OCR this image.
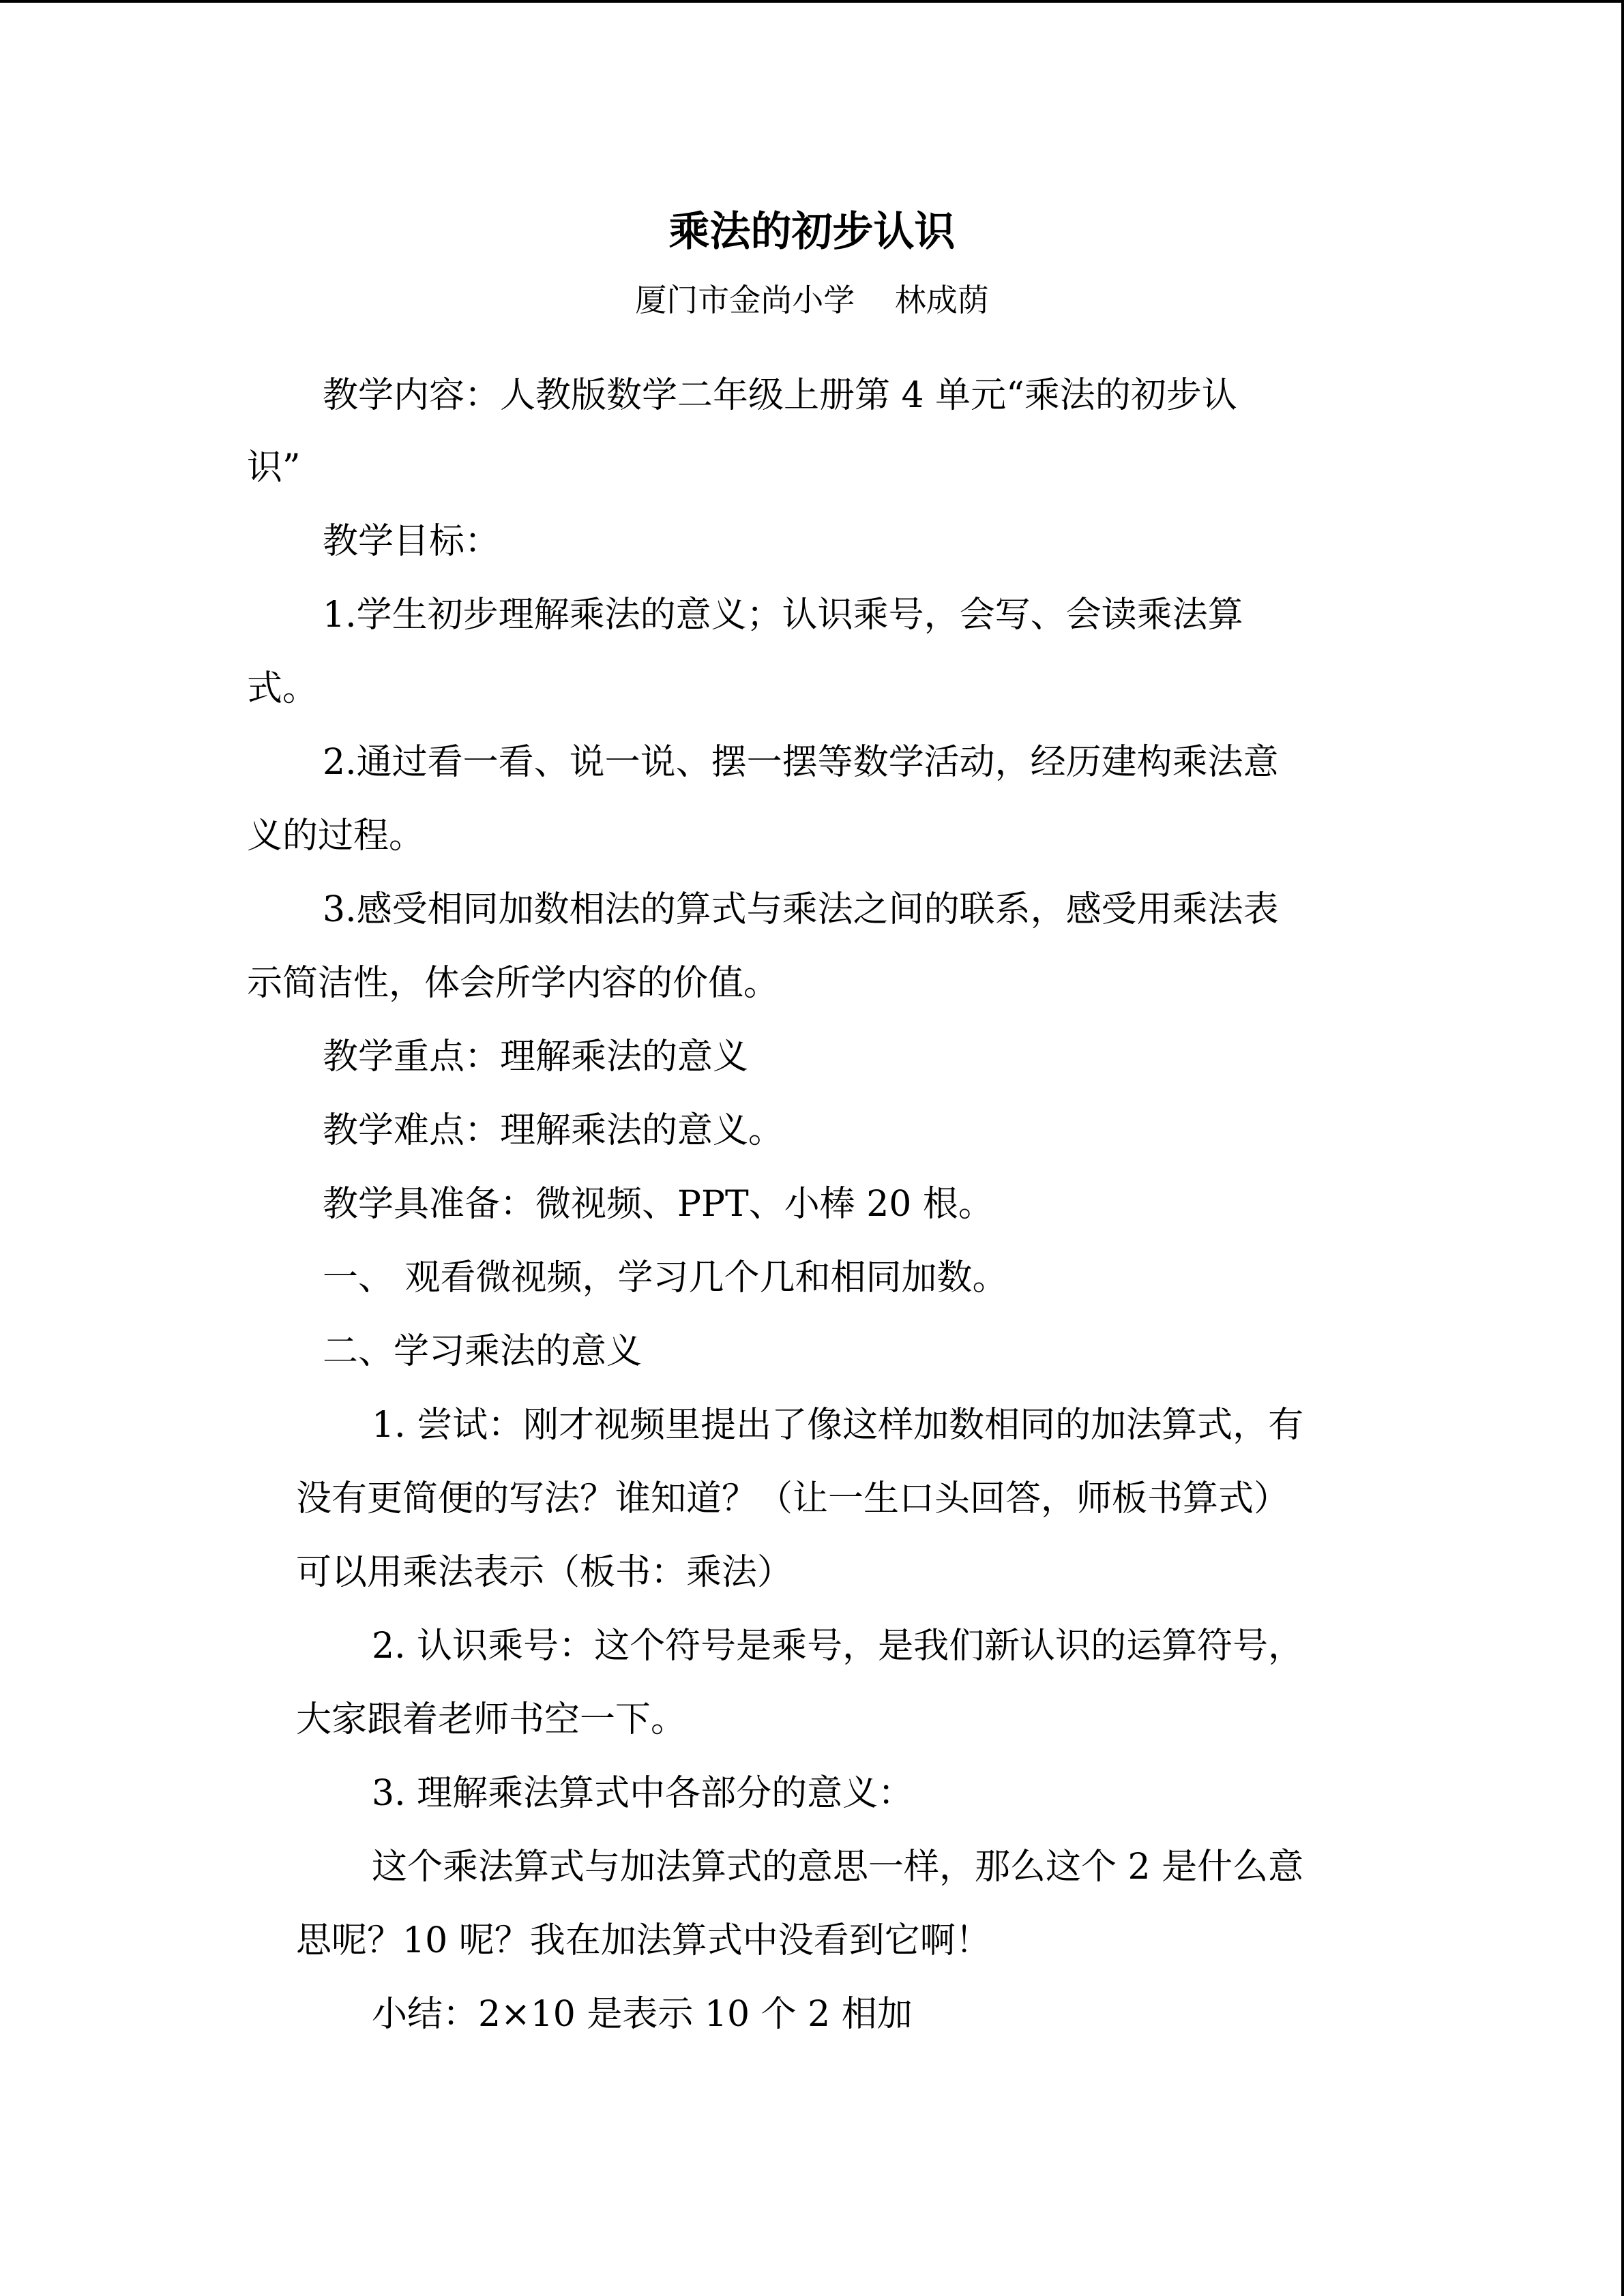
乘法的初步认识
厦门市金尚小学    林成荫
教学内容：人教版数学二年级上册第 4 单元“乘法的初步认
识”
教学目标：
1.学生初步理解乘法的意义；认识乘号，会写、会读乘法算
式。
2.通过看一看、说一说、摆一摆等数学活动，经历建构乘法意
义的过程。
3.感受相同加数相法的算式与乘法之间的联系，感受用乘法表
示简洁性，体会所学内容的价值。
教学重点：理解乘法的意义
教学难点：理解乘法的意义。
教学具准备：微视频、PPT、小棒 20 根。
一、 观看微视频，学习几个几和相同加数。
二、学习乘法的意义
1. 尝试：刚才视频里提出了像这样加数相同的加法算式，有
没有更简便的写法？谁知道？（让一生口头回答，师板书算式）
可以用乘法表示（板书：乘法）
2. 认识乘号：这个符号是乘号，是我们新认识的运算符号，
大家跟着老师书空一下。
3. 理解乘法算式中各部分的意义：
这个乘法算式与加法算式的意思一样，那么这个 2 是什么意
思呢？10 呢？我在加法算式中没看到它啊！
小结：2×10 是表示 10 个 2 相加
